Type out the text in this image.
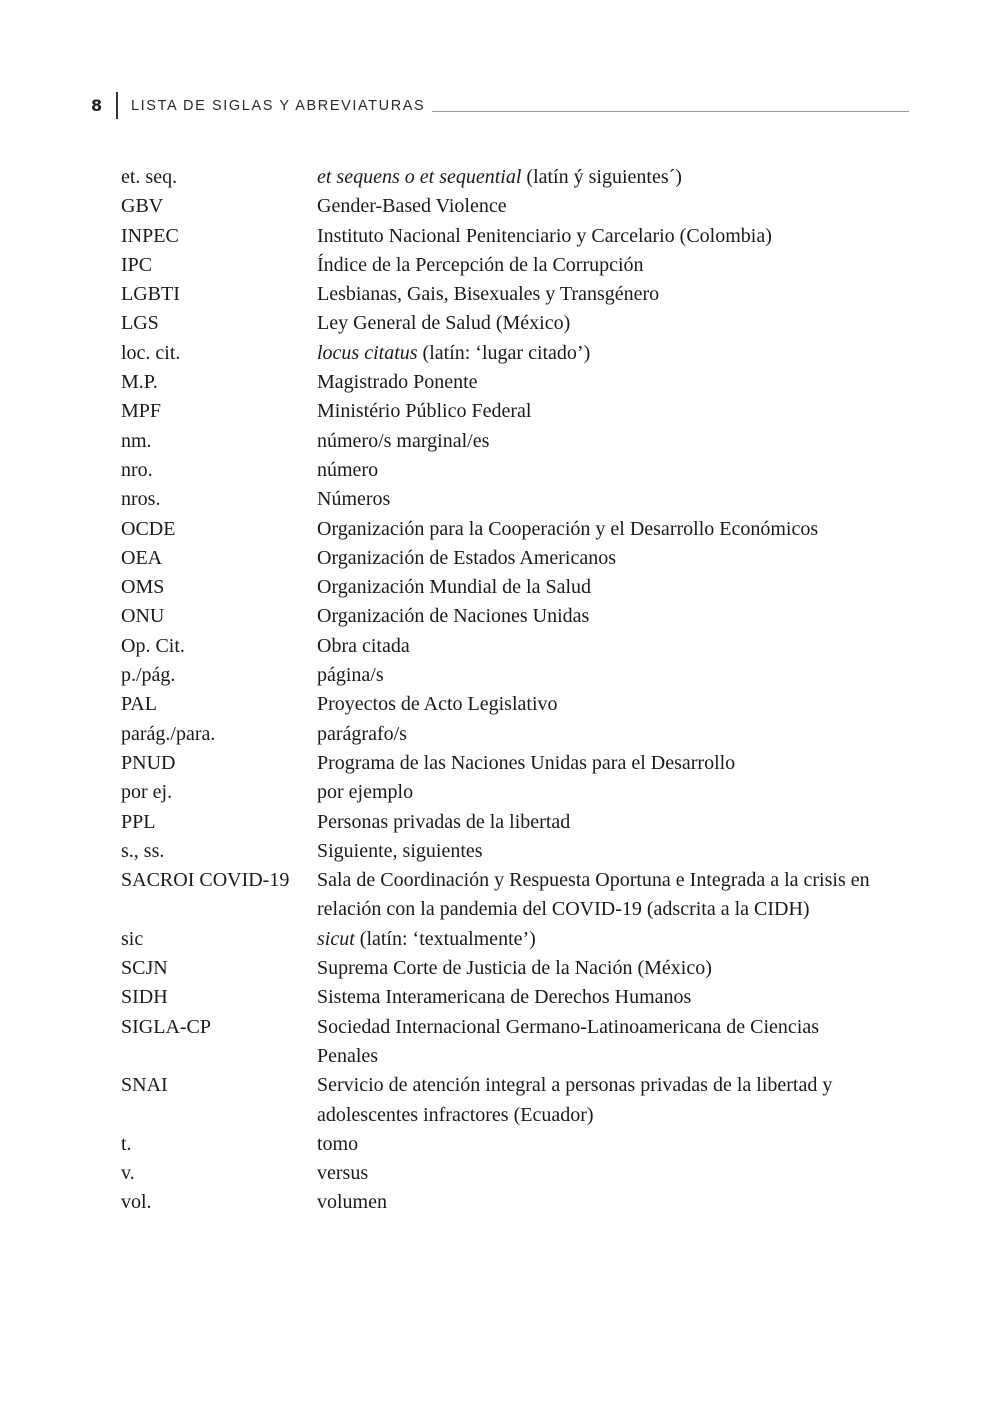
8 LISTA DE SIGLAS Y ABREVIATURAS
et. seq.	et sequens o et sequential (latín ý siguientes´)
GBV	Gender-Based Violence
INPEC	Instituto Nacional Penitenciario y Carcelario (Colombia)
IPC	Índice de la Percepción de la Corrupción
LGBTI	Lesbianas, Gais, Bisexuales y Transgénero
LGS	Ley General de Salud (México)
loc. cit.	locus citatus (latín: ‘lugar citado’)
M.P.	Magistrado Ponente
MPF	Ministério Público Federal
nm.	número/s marginal/es
nro.	número
nros.	Números
OCDE	Organización para la Cooperación y el Desarrollo Económicos
OEA	Organización de Estados Americanos
OMS	Organización Mundial de la Salud
ONU	Organización de Naciones Unidas
Op. Cit.	Obra citada
p./pág.	página/s
PAL	Proyectos de Acto Legislativo
parág./para.	parágrafo/s
PNUD	Programa de las Naciones Unidas para el Desarrollo
por ej.	por ejemplo
PPL	Personas privadas de la libertad
s., ss.	Siguiente, siguientes
SACROI COVID-19	Sala de Coordinación y Respuesta Oportuna e Integrada a la crisis en relación con la pandemia del COVID-19 (adscrita a la CIDH)
sic	sicut (latín: ‘textualmente’)
SCJN	Suprema Corte de Justicia de la Nación (México)
SIDH	Sistema Interamericana de Derechos Humanos
SIGLA-CP	Sociedad Internacional Germano-Latinoamericana de Ciencias Penales
SNAI	Servicio de atención integral a personas privadas de la libertad y adolescentes infractores (Ecuador)
t.	tomo
v.	versus
vol.	volumen
